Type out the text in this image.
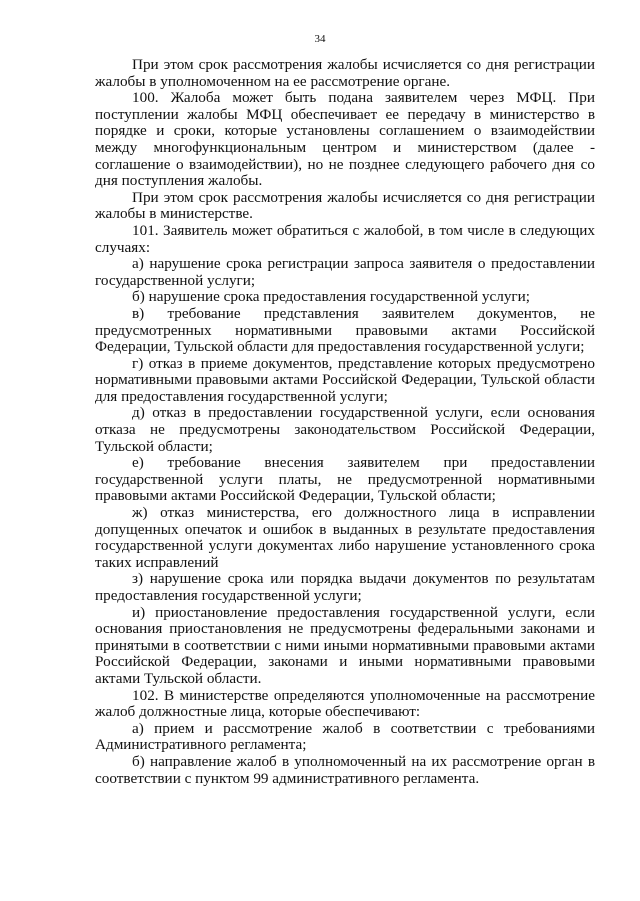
34

При этом срок рассмотрения жалобы исчисляется со дня регистрации жалобы в уполномоченном на ее рассмотрение органе.

100. Жалоба может быть подана заявителем через МФЦ. При поступлении жалобы МФЦ обеспечивает ее передачу в министерство в порядке и сроки, которые установлены соглашением о взаимодействии между многофункциональным центром и министерством (далее - соглашение о взаимодействии), но не позднее следующего рабочего дня со дня поступления жалобы.

При этом срок рассмотрения жалобы исчисляется со дня регистрации жалобы в министерстве.

101. Заявитель может обратиться с жалобой, в том числе в следующих случаях:

а) нарушение срока регистрации запроса заявителя о предоставлении государственной услуги;

б) нарушение срока предоставления государственной услуги;

в) требование представления заявителем документов, не предусмотренных нормативными правовыми актами Российской Федерации, Тульской области для предоставления государственной услуги;

г) отказ в приеме документов, представление которых предусмотрено нормативными правовыми актами Российской Федерации, Тульской области для предоставления государственной услуги;

д) отказ в предоставлении государственной услуги, если основания отказа не предусмотрены законодательством Российской Федерации, Тульской области;

е) требование внесения заявителем при предоставлении государственной услуги платы, не предусмотренной нормативными правовыми актами Российской Федерации, Тульской области;

ж) отказ министерства, его должностного лица в исправлении допущенных опечаток и ошибок в выданных в результате предоставления государственной услуги документах либо нарушение установленного срока таких исправлений

з) нарушение срока или порядка выдачи документов по результатам предоставления государственной услуги;

и) приостановление предоставления государственной услуги, если основания приостановления не предусмотрены федеральными законами и принятыми в соответствии с ними иными нормативными правовыми актами Российской Федерации, законами и иными нормативными правовыми актами Тульской области.

102. В министерстве определяются уполномоченные на рассмотрение жалоб должностные лица, которые обеспечивают:

а) прием и рассмотрение жалоб в соответствии с требованиями Административного регламента;

б) направление жалоб в уполномоченный на их рассмотрение орган в соответствии с пунктом 99 административного регламента.
